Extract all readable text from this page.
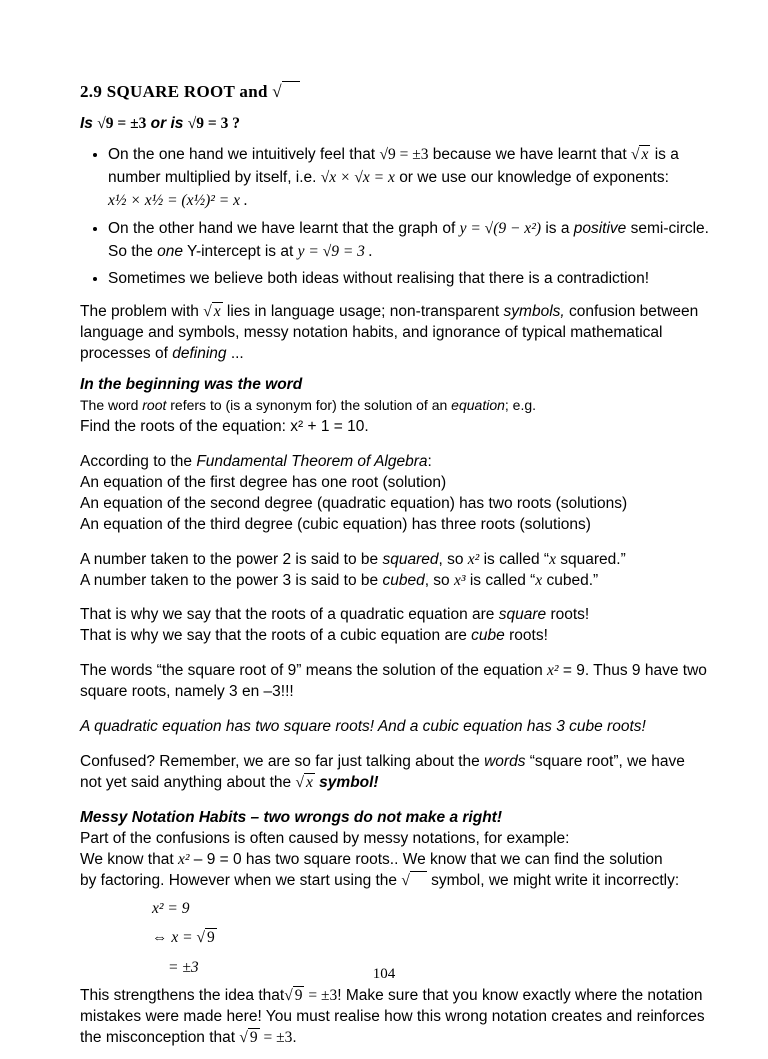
2.9 SQUARE ROOT and √

Is √9 = ±3 or is √9 = 3 ?

• On the one hand we intuitively feel that √9 = ±3 because we have learnt that √ x is a number multiplied by itself, i.e. √x × √x = x or we use our knowledge of exponents:
x½ × x½ = (x½)² = x .
• On the other hand we have learnt that the graph of y = √(9 − x²) is a positive semi-circle. So the one Y-intercept is at y = √9 = 3 .
• Sometimes we believe both ideas without realising that there is a contradiction!

The problem with √ x lies in language usage; non-transparent symbols, confusion between language and symbols, messy notation habits, and ignorance of typical mathematical processes of defining ...

In the beginning was the word

The word root refers to (is a synonym for) the solution of an equation; e.g.
Find the roots of the equation: x² + 1 = 10.

According to the Fundamental Theorem of Algebra:
An equation of the first degree has one root (solution)
An equation of the second degree (quadratic equation) has two roots (solutions)
An equation of the third degree (cubic equation) has three roots (solutions)

A number taken to the power 2 is said to be squared, so x² is called “x squared.”
A number taken to the power 3 is said to be cubed, so x³ is called “x cubed.”

That is why we say that the roots of a quadratic equation are square roots!
That is why we say that the roots of a cubic equation are cube roots!

The words “the square root of 9” means the solution of the equation x² = 9. Thus 9 have two square roots, namely 3 en –3!!!

A quadratic equation has two square roots! And a cubic equation has 3 cube roots!

Confused? Remember, we are so far just talking about the words “square root”, we have not yet said anything about the √ x symbol!

Messy Notation Habits – two wrongs do not make a right!

Part of the confusions is often caused by messy notations, for example:
We know that x² – 9 = 0 has two square roots.. We know that we can find the solution
by factoring. However when we start using the √ symbol, we might write it incorrectly:

x² = 9
⇔ x = √ 9
= ±3

This strengthens the idea that√ 9 = ±3! Make sure that you know exactly where the notation mistakes were made here! You must realise how this wrong notation creates and reinforces the misconception that √ 9 = ±3.

104
